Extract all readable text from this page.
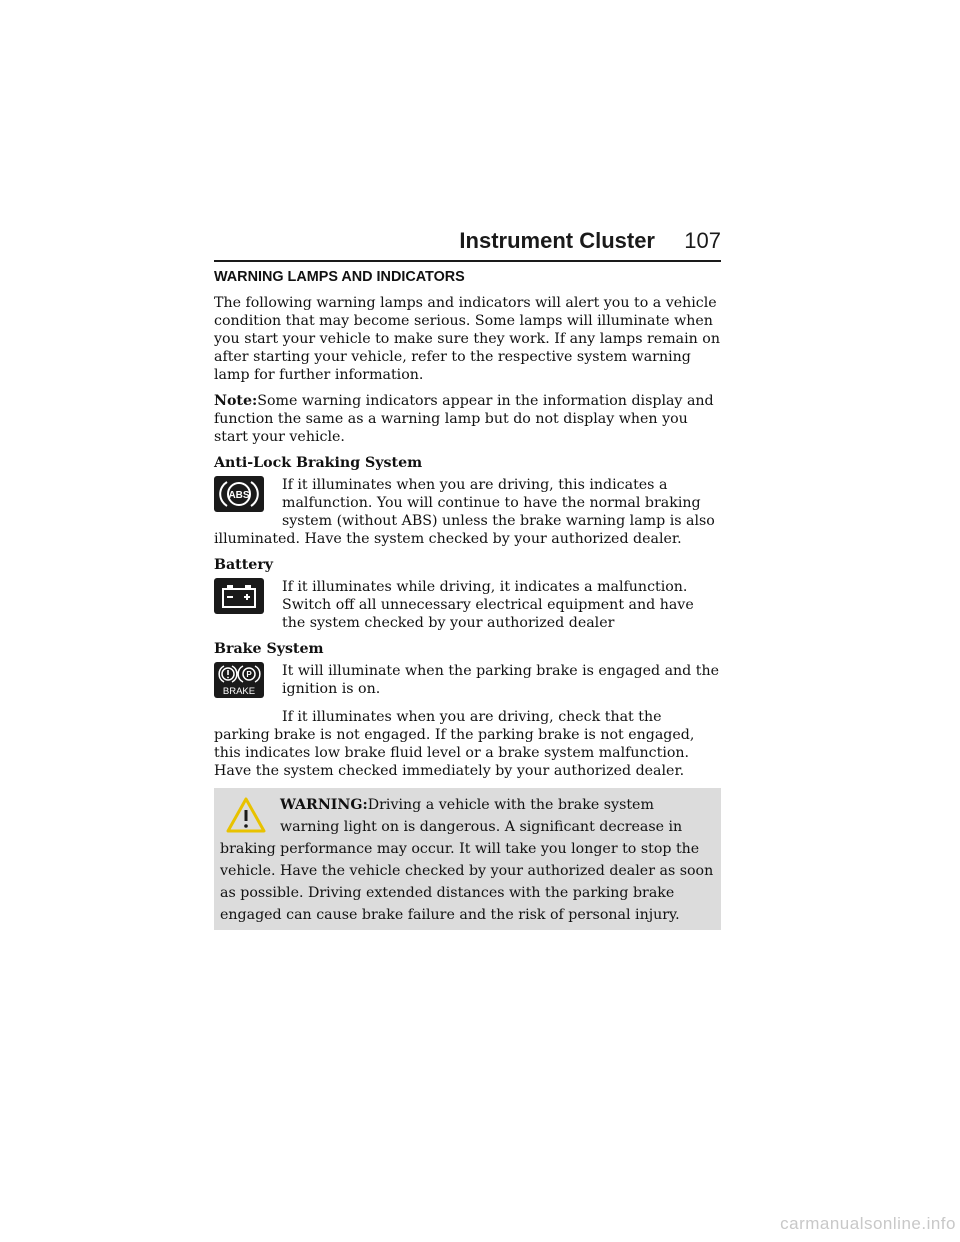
Instrument Cluster 107
WARNING LAMPS AND INDICATORS

The following warning lamps and indicators will alert you to a vehicle condition that may become serious. Some lamps will illuminate when you start your vehicle to make sure they work. If any lamps remain on after starting your vehicle, refer to the respective system warning lamp for further information.

Note:Some warning indicators appear in the information display and function the same as a warning lamp but do not display when you start your vehicle.

Anti-Lock Braking System
ABS
If it illuminates when you are driving, this indicates a malfunction. You will continue to have the normal braking system (without ABS) unless the brake warning lamp is also illuminated. Have the system checked by your authorized dealer.
Battery
If it illuminates while driving, it indicates a malfunction. Switch off all unnecessary electrical equipment and have the system checked by your authorized dealer
Brake System
P
BRAKE
It will illuminate when the parking brake is engaged and the ignition is on.

If it illuminates when you are driving, check that the parking brake is not engaged. If the parking brake is not engaged, this indicates low brake fluid level or a brake system malfunction. Have the system checked immediately by your authorized dealer.

WARNING:Driving a vehicle with the brake system warning light on is dangerous. A significant decrease in braking performance may occur. It will take you longer to stop the vehicle. Have the vehicle checked by your authorized dealer as soon as possible. Driving extended distances with the parking brake engaged can cause brake failure and the risk of personal injury.
carmanualsonline.info
